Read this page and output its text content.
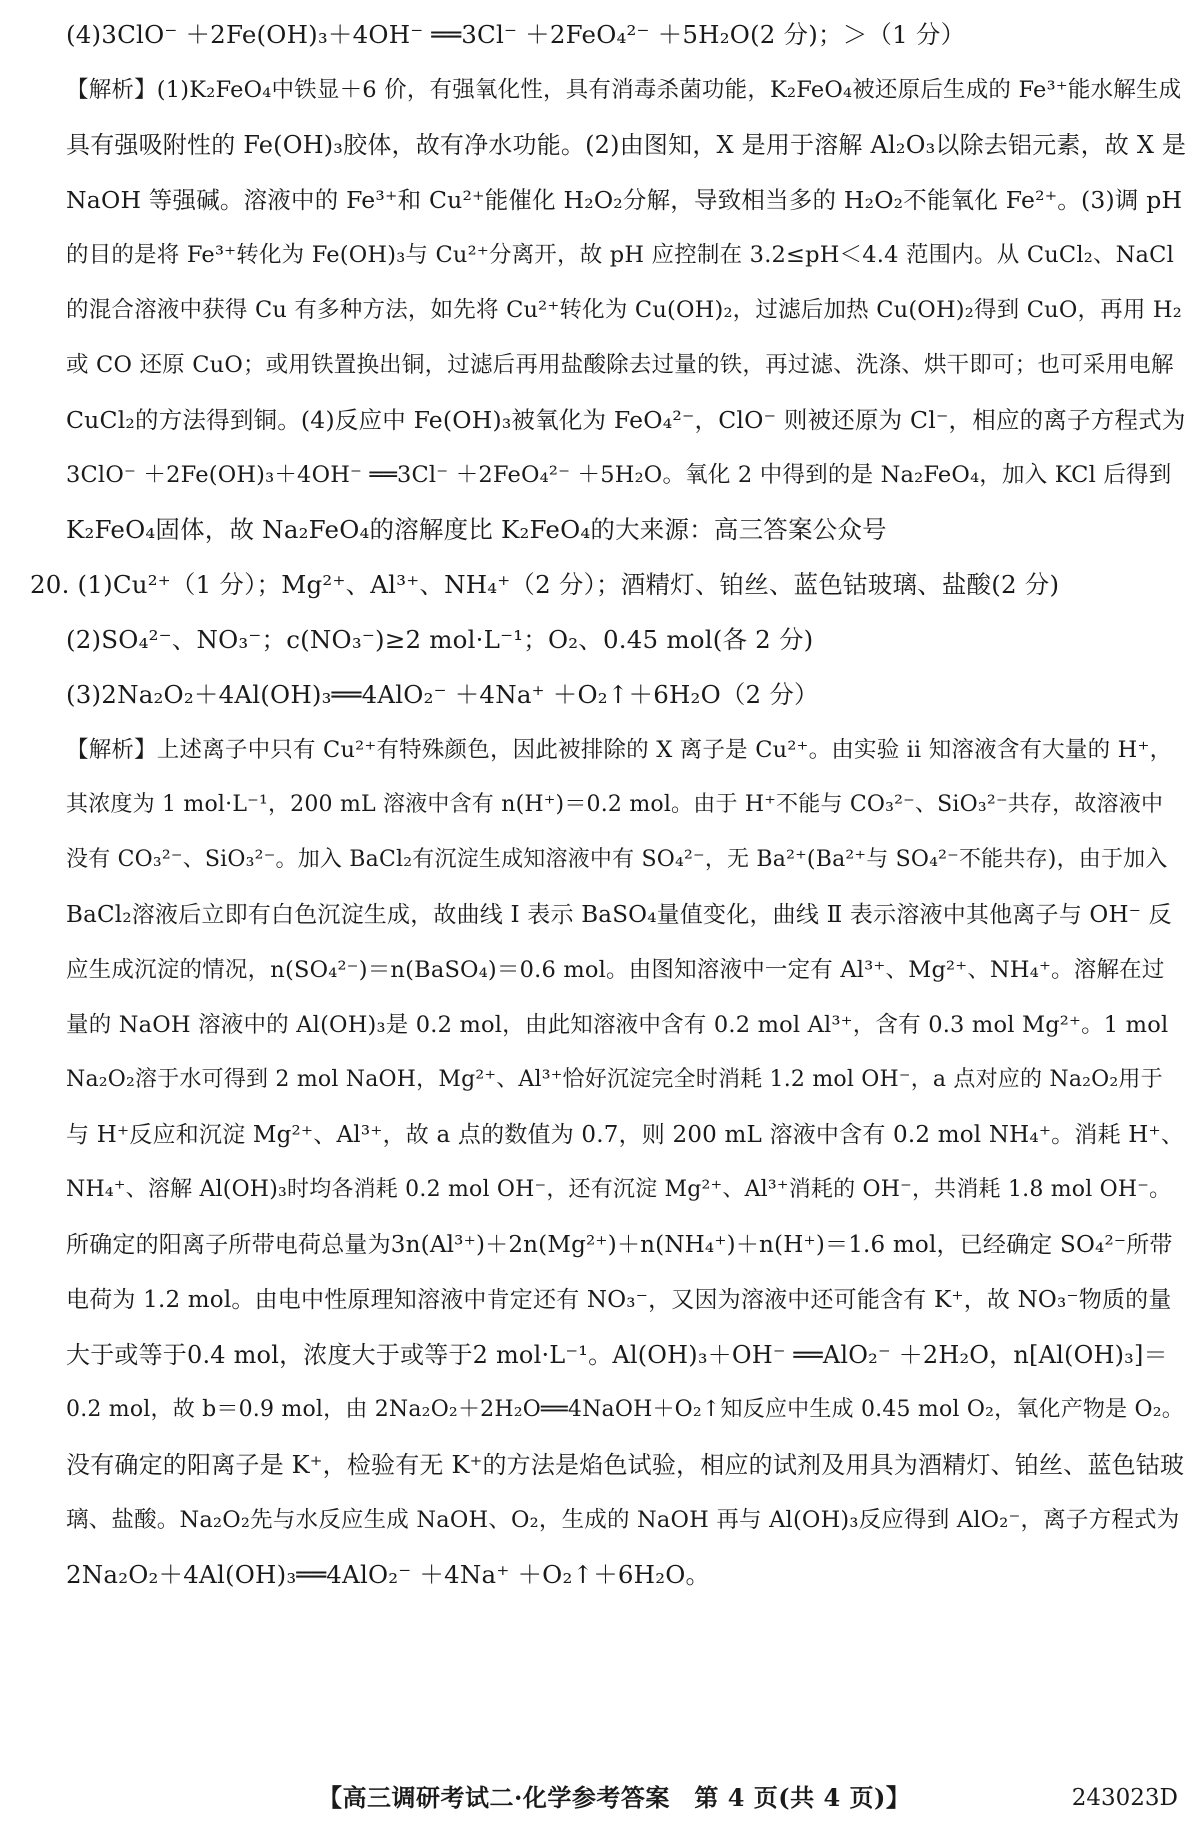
(4)3ClO⁻ ＋2Fe(OH)₃＋4OH⁻ ══3Cl⁻ ＋2FeO₄²⁻ ＋5H₂O(2 分)；＞（1 分）
【解析】(1)K₂FeO₄中铁显＋6 价，有强氧化性，具有消毒杀菌功能，K₂FeO₄被还原后生成的 Fe³⁺能水解生成
具有强吸附性的 Fe(OH)₃胶体，故有净水功能。(2)由图知，X 是用于溶解 Al₂O₃以除去铝元素，故 X 是
NaOH 等强碱。溶液中的 Fe³⁺和 Cu²⁺能催化 H₂O₂分解，导致相当多的 H₂O₂不能氧化 Fe²⁺。(3)调 pH
的目的是将 Fe³⁺转化为 Fe(OH)₃与 Cu²⁺分离开，故 pH 应控制在 3.2≤pH＜4.4 范围内。从 CuCl₂、NaCl
的混合溶液中获得 Cu 有多种方法，如先将 Cu²⁺转化为 Cu(OH)₂，过滤后加热 Cu(OH)₂得到 CuO，再用 H₂
或 CO 还原 CuO；或用铁置换出铜，过滤后再用盐酸除去过量的铁，再过滤、洗涤、烘干即可；也可采用电解
CuCl₂的方法得到铜。(4)反应中 Fe(OH)₃被氧化为 FeO₄²⁻，ClO⁻ 则被还原为 Cl⁻，相应的离子方程式为
3ClO⁻ ＋2Fe(OH)₃＋4OH⁻ ══3Cl⁻ ＋2FeO₄²⁻ ＋5H₂O。氧化 2 中得到的是 Na₂FeO₄，加入 KCl 后得到
K₂FeO₄固体，故 Na₂FeO₄的溶解度比 K₂FeO₄的大来源：高三答案公众号
20. (1)Cu²⁺（1 分）；Mg²⁺、Al³⁺、NH₄⁺（2 分）；酒精灯、铂丝、蓝色钴玻璃、盐酸(2 分)
(2)SO₄²⁻、NO₃⁻；c(NO₃⁻)≥2 mol·L⁻¹；O₂、0.45 mol(各 2 分)
(3)2Na₂O₂＋4Al(OH)₃══4AlO₂⁻ ＋4Na⁺ ＋O₂↑＋6H₂O（2 分）
【解析】上述离子中只有 Cu²⁺有特殊颜色，因此被排除的 X 离子是 Cu²⁺。由实验 ⅱ 知溶液含有大量的 H⁺，
其浓度为 1 mol·L⁻¹，200 mL 溶液中含有 n(H⁺)＝0.2 mol。由于 H⁺不能与 CO₃²⁻、SiO₃²⁻共存，故溶液中
没有 CO₃²⁻、SiO₃²⁻。加入 BaCl₂有沉淀生成知溶液中有 SO₄²⁻，无 Ba²⁺(Ba²⁺与 SO₄²⁻不能共存)，由于加入
BaCl₂溶液后立即有白色沉淀生成，故曲线 Ⅰ 表示 BaSO₄量值变化，曲线 Ⅱ 表示溶液中其他离子与 OH⁻ 反
应生成沉淀的情况，n(SO₄²⁻)＝n(BaSO₄)＝0.6 mol。由图知溶液中一定有 Al³⁺、Mg²⁺、NH₄⁺。溶解在过
量的 NaOH 溶液中的 Al(OH)₃是 0.2 mol，由此知溶液中含有 0.2 mol Al³⁺，含有 0.3 mol Mg²⁺。1 mol
Na₂O₂溶于水可得到 2 mol NaOH，Mg²⁺、Al³⁺恰好沉淀完全时消耗 1.2 mol OH⁻，a 点对应的 Na₂O₂用于
与 H⁺反应和沉淀 Mg²⁺、Al³⁺，故 a 点的数值为 0.7，则 200 mL 溶液中含有 0.2 mol NH₄⁺。消耗 H⁺、
NH₄⁺、溶解 Al(OH)₃时均各消耗 0.2 mol OH⁻，还有沉淀 Mg²⁺、Al³⁺消耗的 OH⁻，共消耗 1.8 mol OH⁻。
所确定的阳离子所带电荷总量为3n(Al³⁺)＋2n(Mg²⁺)＋n(NH₄⁺)＋n(H⁺)＝1.6 mol，已经确定 SO₄²⁻所带
电荷为 1.2 mol。由电中性原理知溶液中肯定还有 NO₃⁻，又因为溶液中还可能含有 K⁺，故 NO₃⁻物质的量
大于或等于0.4 mol，浓度大于或等于2 mol·L⁻¹。Al(OH)₃＋OH⁻ ══AlO₂⁻ ＋2H₂O，n[Al(OH)₃]＝
0.2 mol，故 b＝0.9 mol，由 2Na₂O₂＋2H₂O══4NaOH＋O₂↑知反应中生成 0.45 mol O₂，氧化产物是 O₂。
没有确定的阳离子是 K⁺，检验有无 K⁺的方法是焰色试验，相应的试剂及用具为酒精灯、铂丝、蓝色钴玻
璃、盐酸。Na₂O₂先与水反应生成 NaOH、O₂，生成的 NaOH 再与 Al(OH)₃反应得到 AlO₂⁻，离子方程式为
2Na₂O₂＋4Al(OH)₃══4AlO₂⁻ ＋4Na⁺ ＋O₂↑＋6H₂O。
【高三调研考试二·化学参考答案　第 4 页(共 4 页)】	243023D
